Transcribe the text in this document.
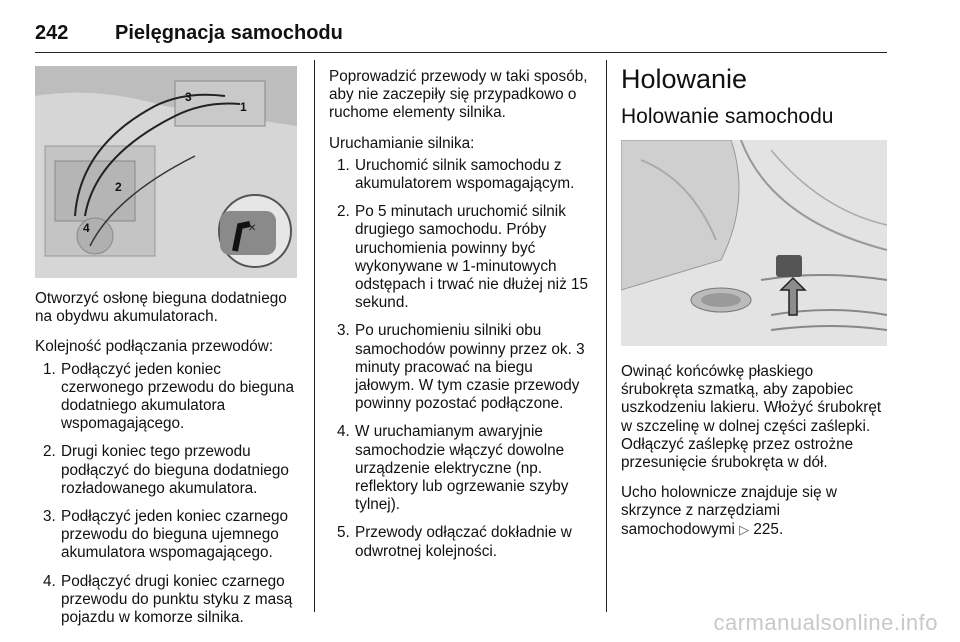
242 Pielęgnacja samochodu
✕
3
1
2
4

Otworzyć osłonę bieguna dodatniego na obydwu akumulatorach.

Kolejność podłączania przewodów:

1. Podłączyć jeden koniec czerwonego przewodu do bieguna dodatniego akumulatora wspomagającego.
2. Drugi koniec tego przewodu podłączyć do bieguna dodatniego rozładowanego akumulatora.
3. Podłączyć jeden koniec czarnego przewodu do bieguna ujemnego akumulatora wspomagającego.
4. Podłączyć drugi koniec czarnego przewodu do punktu styku z masą pojazdu w komorze silnika.

Poprowadzić przewody w taki sposób, aby nie zaczepiły się przypadkowo o ruchome elementy silnika.

Uruchamianie silnika:

1. Uruchomić silnik samochodu z akumulatorem wspomagającym.
2. Po 5 minutach uruchomić silnik drugiego samochodu. Próby uruchomienia powinny być wykonywane w 1-minutowych odstępach i trwać nie dłużej niż 15 sekund.
3. Po uruchomieniu silniki obu samochodów powinny przez ok. 3 minuty pracować na biegu jałowym. W tym czasie przewody powinny pozostać podłączone.
4. W uruchamianym awaryjnie samochodzie włączyć dowolne urządzenie elektryczne (np. reflektory lub ogrzewanie szyby tylnej).
5. Przewody odłączać dokładnie w odwrotnej kolejności.
Holowanie
Holowanie samochodu

Owinąć końcówkę płaskiego śrubokręta szmatką, aby zapobiec uszkodzeniu lakieru. Włożyć śrubokręt w szczelinę w dolnej części zaślepki. Odłączyć zaślepkę przez ostrożne przesunięcie śrubokręta w dół.

Ucho holownicze znajduje się w skrzynce z narzędziami samochodowymi ▷ 225.

carmanualsonline.info
